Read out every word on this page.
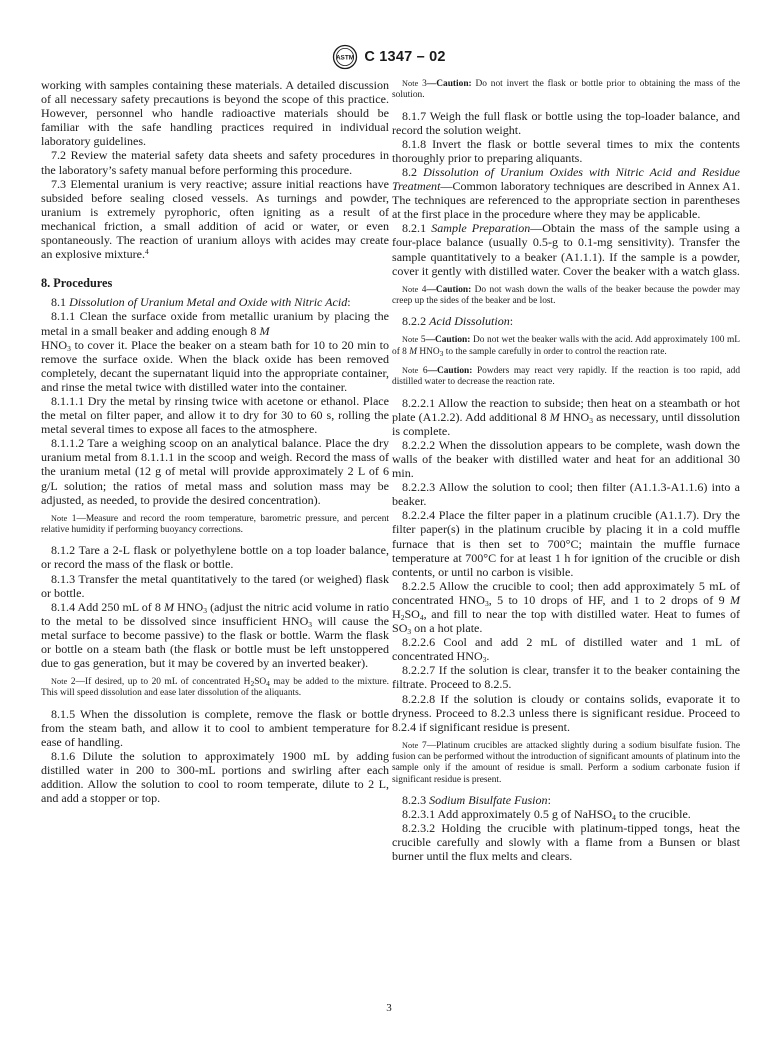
ASTM C 1347 – 02

working with samples containing these materials. A detailed discussion of all necessary safety precautions is beyond the scope of this practice. However, personnel who handle radioactive materials should be familiar with the safe handling practices required in individual laboratory guidelines.

7.2 Review the material safety data sheets and safety procedures in the laboratory’s safety manual before performing this procedure.

7.3 Elemental uranium is very reactive; assure initial reactions have subsided before sealing closed vessels. As turnings and powder, uranium is extremely pyrophoric, often igniting as a result of mechanical friction, a small addition of acid or water, or even spontaneously. The reaction of uranium alloys with acides may create an explosive mixture.$^4$

8. Procedures

8.1 Dissolution of Uranium Metal and Oxide with Nitric Acid:

8.1.1 Clean the surface oxide from metallic uranium by placing the metal in a small beaker and adding enough 8 M
$HNO_3$ to cover it. Place the beaker on a steam bath for 10 to 20 min to remove the surface oxide. When the black oxide has been removed completely, decant the supernatant liquid into the appropriate container, and rinse the metal twice with distilled water into the container.

8.1.1.1 Dry the metal by rinsing twice with acetone or ethanol. Place the metal on filter paper, and allow it to dry for 30 to 60 s, rolling the metal several times to expose all faces to the atmosphere.

8.1.1.2 Tare a weighing scoop on an analytical balance. Place the dry uranium metal from 8.1.1.1 in the scoop and weigh. Record the mass of the uranium metal (12 g of metal will provide approximately 2 L of 6 g/L solution; the ratios of metal mass and solution mass may be adjusted, as needed, to provide the desired concentration).

Note 1—Measure and record the room temperature, barometric pressure, and percent relative humidity if performing buoyancy corrections.

8.1.2 Tare a 2-L flask or polyethylene bottle on a top loader balance, or record the mass of the flask or bottle.

8.1.3 Transfer the metal quantitatively to the tared (or weighed) flask or bottle.

8.1.4 Add 250 mL of 8 M $HNO_3$ (adjust the nitric acid volume in ratio to the metal to be dissolved since insufficient $HNO_3$ will cause the metal surface to become passive) to the flask or bottle. Warm the flask or bottle on a steam bath (the flask or bottle must be left unstoppered due to gas generation, but it may be covered by an inverted beaker).

Note 2—If desired, up to 20 mL of concentrated $H_2SO_4$ may be added to the mixture. This will speed dissolution and ease later dissolution of the aliquants.

8.1.5 When the dissolution is complete, remove the flask or bottle from the steam bath, and allow it to cool to ambient temperature for ease of handling.

8.1.6 Dilute the solution to approximately 1900 mL by adding distilled water in 200 to 300-mL portions and swirling after each addition. Allow the solution to cool to room temperate, dilute to 2 L, and add a stopper or top.

Note 3—Caution: Do not invert the flask or bottle prior to obtaining the mass of the solution.

8.1.7 Weigh the full flask or bottle using the top-loader balance, and record the solution weight.

8.1.8 Invert the flask or bottle several times to mix the contents thoroughly prior to preparing aliquants.

8.2 Dissolution of Uranium Oxides with Nitric Acid and Residue Treatment—Common laboratory techniques are described in Annex A1. The techniques are referenced to the appropriate section in parentheses at the first place in the procedure where they may be applicable.

8.2.1 Sample Preparation—Obtain the mass of the sample using a four-place balance (usually 0.5-g to 0.1-mg sensitivity). Transfer the sample quantitatively to a beaker (A1.1.1). If the sample is a powder, cover it gently with distilled water. Cover the beaker with a watch glass.

Note 4—Caution: Do not wash down the walls of the beaker because the powder may creep up the sides of the beaker and be lost.

8.2.2 Acid Dissolution:

Note 5—Caution: Do not wet the beaker walls with the acid. Add approximately 100 mL of 8 M $HNO_3$ to the sample carefully in order to control the reaction rate.
Note 6—Caution: Powders may react very rapidly. If the reaction is too rapid, add distilled water to decrease the reaction rate.

8.2.2.1 Allow the reaction to subside; then heat on a steambath or hot plate (A1.2.2). Add additional 8 M $HNO_3$ as necessary, until dissolution is complete.

8.2.2.2 When the dissolution appears to be complete, wash down the walls of the beaker with distilled water and heat for an additional 30 min.

8.2.2.3 Allow the solution to cool; then filter (A1.1.3-A1.1.6) into a beaker.

8.2.2.4 Place the filter paper in a platinum crucible (A1.1.7). Dry the filter paper(s) in the platinum crucible by placing it in a cold muffle furnace that is then set to 700°C; maintain the muffle furnace temperature at 700°C for at least 1 h for ignition of the crucible or dish contents, or until no carbon is visible.

8.2.2.5 Allow the crucible to cool; then add approximately 5 mL of concentrated $HNO_3$, 5 to 10 drops of HF, and 1 to 2 drops of 9 M $H_2SO_4$, and fill to near the top with distilled water. Heat to fumes of $SO_3$ on a hot plate.

8.2.2.6 Cool and add 2 mL of distilled water and 1 mL of concentrated $HNO_3$.

8.2.2.7 If the solution is clear, transfer it to the beaker containing the filtrate. Proceed to 8.2.5.

8.2.2.8 If the solution is cloudy or contains solids, evaporate it to dryness. Proceed to 8.2.3 unless there is significant residue. Proceed to 8.2.4 if significant residue is present.

Note 7—Platinum crucibles are attacked slightly during a sodium bisulfate fusion. The fusion can be performed without the introduction of significant amounts of platinum into the sample only if the amount of residue is small. Perform a sodium carbonate fusion if significant residue is present.

8.2.3 Sodium Bisulfate Fusion:

8.2.3.1 Add approximately 0.5 g of NaHSO$_4$ to the crucible.

8.2.3.2 Holding the crucible with platinum-tipped tongs, heat the crucible carefully and slowly with a flame from a Bunsen or blast burner until the flux melts and clears.

3
